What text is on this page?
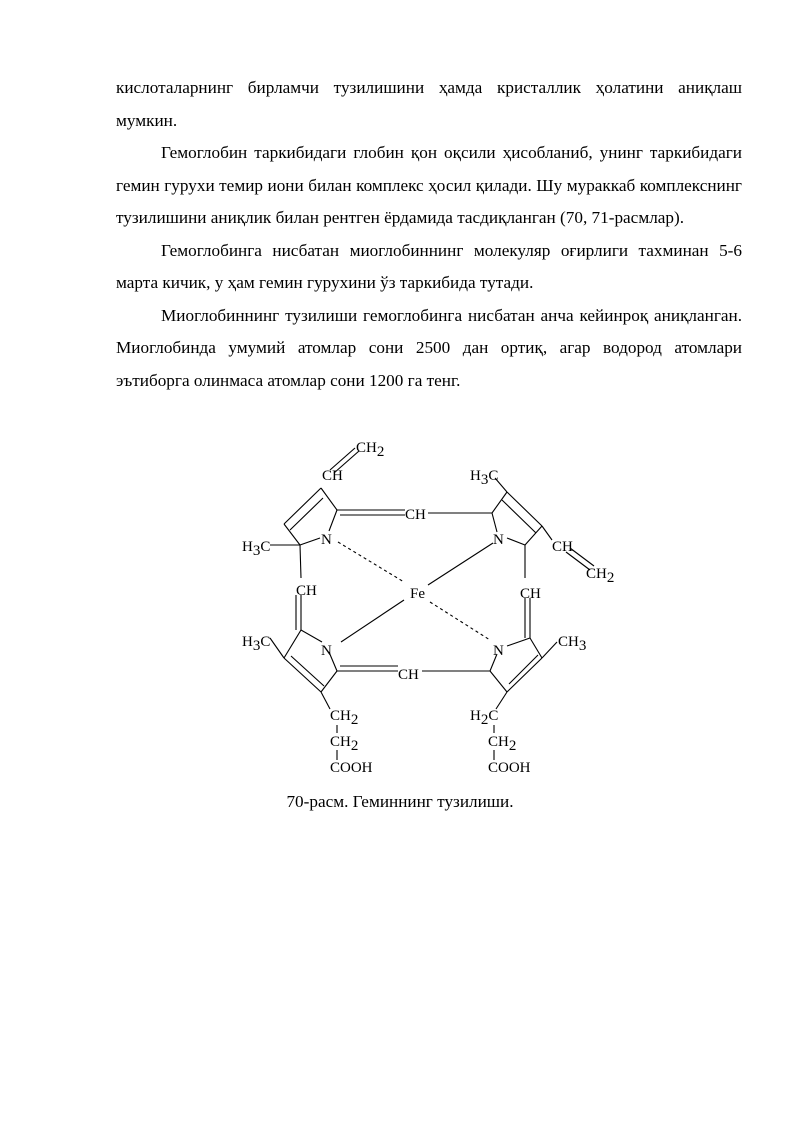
кислоталарнинг бирламчи тузилишини ҳамда кристаллик ҳолатини аниқлаш мумкин.

Гемоглобин таркибидаги глобин қон оқсили ҳисобланиб, унинг таркибидаги гемин гурухи темир иони билан комплекс ҳосил қилади. Шу мураккаб комплекснинг тузилишини аниқлик билан рентген ёрдамида тасдиқланган (70, 71-расмлар).

Гемоглобинга нисбатан миоглобиннинг молекуляр оғирлиги тахминан 5-6 марта кичик, у ҳам гемин гурухини ўз таркибида тутади.

Миоглобиннинг тузилиши гемоглобинга нисбатан анча кейинроқ аниқланган. Миоглобинда умумий атомлар сони 2500 дан ортиқ, агар водород атомлари эътиборга олинмаса атомлар сони 1200 га тенг.

CH2
CH	H3C
CH
N	N
N	N
H3C	CH
CH2
CH	CH
Fe
H3C	CH3
CH
CH2
CH2
COOH
H2C
CH2
COOH
70-расм. Геминнинг тузилиши.
